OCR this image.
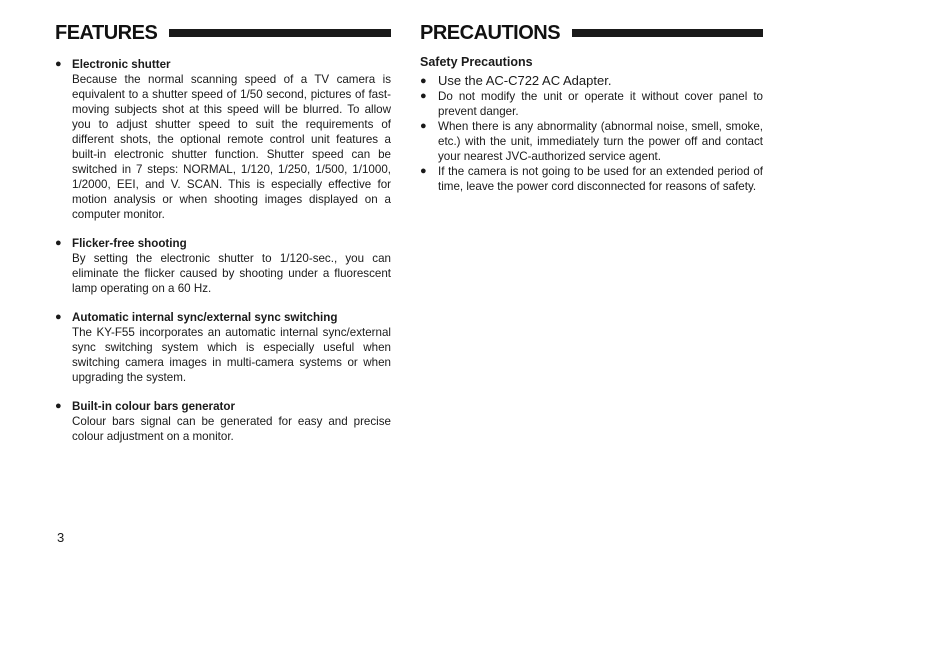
FEATURES
● Electronic shutter
Because the normal scanning speed of a TV camera is equivalent to a shutter speed of 1/50 second, pictures of fast-moving subjects shot at this speed will be blurred. To allow you to adjust shutter speed to suit the requirements of different shots, the optional remote control unit features a built-in electronic shutter function. Shutter speed can be switched in 7 steps: NORMAL, 1/120, 1/250, 1/500, 1/1000, 1/2000, EEI, and V. SCAN. This is especially effective for motion analysis or when shooting images displayed on a computer monitor.
● Flicker-free shooting
By setting the electronic shutter to 1/120-sec., you can eliminate the flicker caused by shooting under a fluorescent lamp operating on a 60 Hz.
● Automatic internal sync/external sync switching
The KY-F55 incorporates an automatic internal sync/external sync switching system which is especially useful when switching camera images in multi-camera systems or when upgrading the system.
● Built-in colour bars generator
Colour bars signal can be generated for easy and precise colour adjustment on a monitor.
PRECAUTIONS
Safety Precautions
● Use the AC-C722 AC Adapter.
● Do not modify the unit or operate it without cover panel to prevent danger.
● When there is any abnormality (abnormal noise, smell, smoke, etc.) with the unit, immediately turn the power off and contact your nearest JVC-authorized service agent.
● If the camera is not going to be used for an extended period of time, leave the power cord disconnected for reasons of safety.
3
